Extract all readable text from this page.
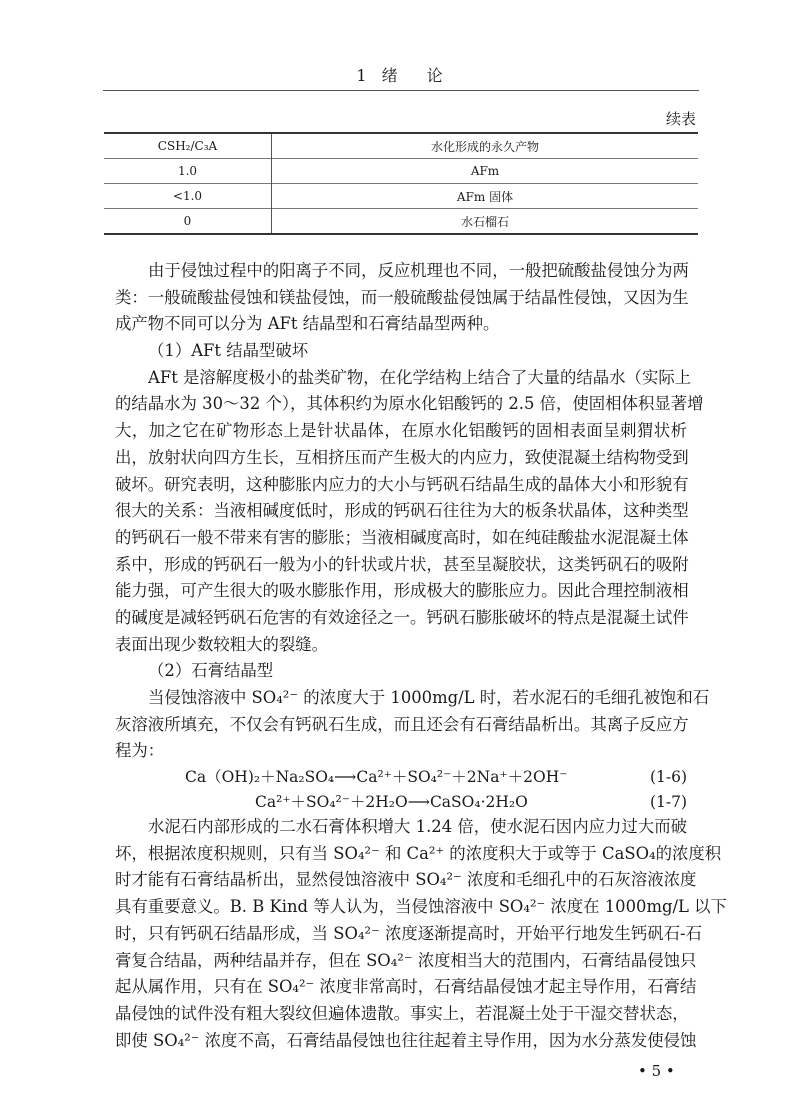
1 绪 论
续表
CSH₂/C₃A	水化形成的永久产物
1.0	AFm
<1.0	AFm 固体
0	水石榴石
由于侵蚀过程中的阳离子不同，反应机理也不同，一般把硫酸盐侵蚀分为两
类：一般硫酸盐侵蚀和镁盐侵蚀，而一般硫酸盐侵蚀属于结晶性侵蚀，又因为生
成产物不同可以分为 AFt 结晶型和石膏结晶型两种。
（1）AFt 结晶型破坏
AFt 是溶解度极小的盐类矿物，在化学结构上结合了大量的结晶水（实际上
的结晶水为 30～32 个），其体积约为原水化铝酸钙的 2.5 倍，使固相体积显著增
大，加之它在矿物形态上是针状晶体，在原水化铝酸钙的固相表面呈刺猬状析
出，放射状向四方生长，互相挤压而产生极大的内应力，致使混凝土结构物受到
破坏。研究表明，这种膨胀内应力的大小与钙矾石结晶生成的晶体大小和形貌有
很大的关系：当液相碱度低时，形成的钙矾石往往为大的板条状晶体，这种类型
的钙矾石一般不带来有害的膨胀；当液相碱度高时，如在纯硅酸盐水泥混凝土体
系中，形成的钙矾石一般为小的针状或片状，甚至呈凝胶状，这类钙矾石的吸附
能力强，可产生很大的吸水膨胀作用，形成极大的膨胀应力。因此合理控制液相
的碱度是减轻钙矾石危害的有效途径之一。钙矾石膨胀破坏的特点是混凝土试件
表面出现少数较粗大的裂缝。
（2）石膏结晶型
当侵蚀溶液中 SO₄²⁻ 的浓度大于 1000mg/L 时，若水泥石的毛细孔被饱和石
灰溶液所填充，不仅会有钙矾石生成，而且还会有石膏结晶析出。其离子反应方
程为：
Ca（OH)₂＋Na₂SO₄⟶Ca²⁺＋SO₄²⁻＋2Na⁺＋2OH⁻	(1-6)
Ca²⁺＋SO₄²⁻＋2H₂O⟶CaSO₄·2H₂O	(1-7)
水泥石内部形成的二水石膏体积增大 1.24 倍，使水泥石因内应力过大而破
坏，根据浓度积规则，只有当 SO₄²⁻ 和 Ca²⁺ 的浓度积大于或等于 CaSO₄的浓度积
时才能有石膏结晶析出，显然侵蚀溶液中 SO₄²⁻ 浓度和毛细孔中的石灰溶液浓度
具有重要意义。B. B Kind 等人认为，当侵蚀溶液中 SO₄²⁻ 浓度在 1000mg/L 以下
时，只有钙矾石结晶形成，当 SO₄²⁻ 浓度逐渐提高时，开始平行地发生钙矾石-石
膏复合结晶，两种结晶并存，但在 SO₄²⁻ 浓度相当大的范围内，石膏结晶侵蚀只
起从属作用，只有在 SO₄²⁻ 浓度非常高时，石膏结晶侵蚀才起主导作用，石膏结
晶侵蚀的试件没有粗大裂纹但遍体遗散。事实上，若混凝土处于干湿交替状态，
即使 SO₄²⁻ 浓度不高，石膏结晶侵蚀也往往起着主导作用，因为水分蒸发使侵蚀
• 5 •
